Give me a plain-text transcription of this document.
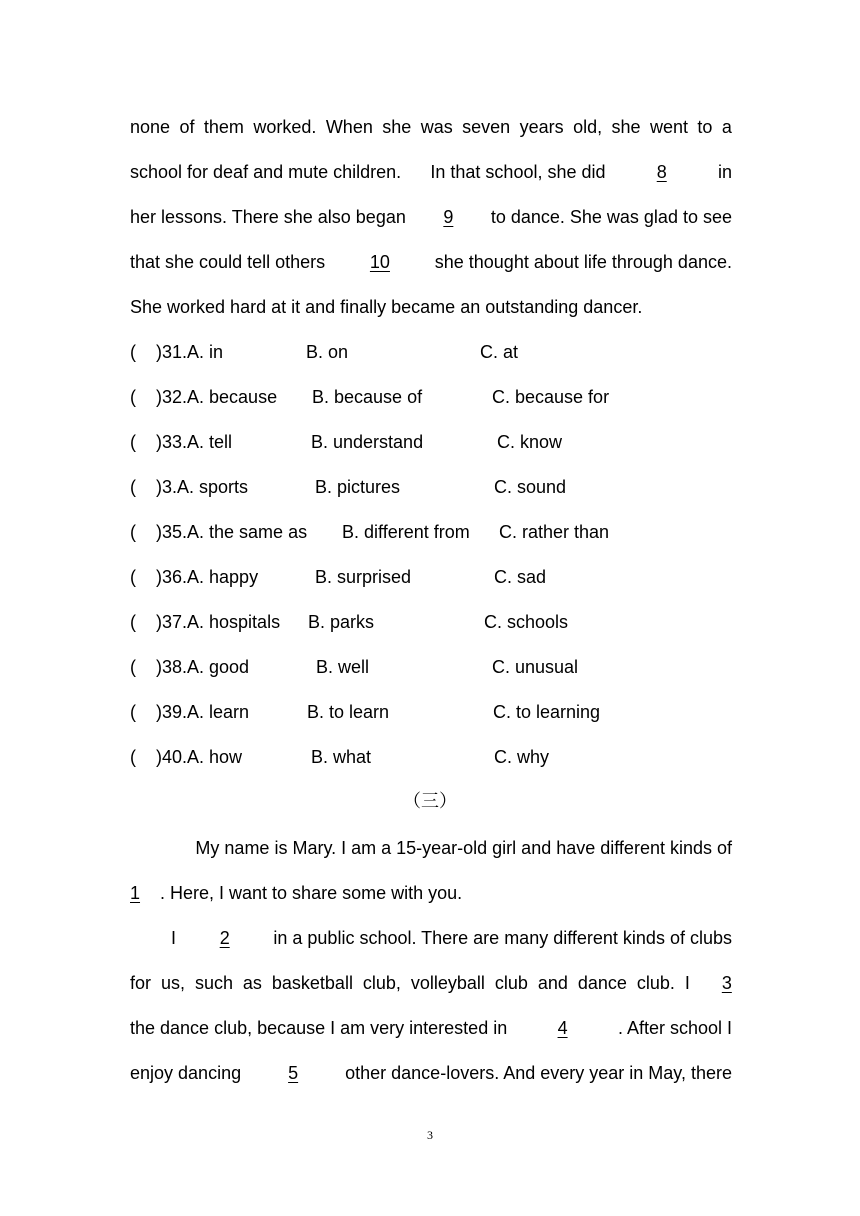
none of them worked. When she was seven years old, she went to a
school for deaf and mute children. In that school, she did	8	in
her lessons. There she also began	9	to dance. She was glad to see
that she could tell others	10	she thought about life through dance.
She worked hard at it and finally became an outstanding dancer.
(    )31.A. in	B. on	C. at
(    )32.A. because B. because of	C. because for
(    )33.A. tell	B. understand	C. know
(    )3.A. sports	B. pictures	C. sound
(    )35.A. the same as B. different from C. rather than
(    )36.A. happy	B. surprised	C. sad
(    )37.A. hospitals B. parks	C. schools
(    )38.A. good	B. well	C. unusual
(    )39.A. learn	B. to learn	C. to learning
(    )40.A. how	B. what	C. why
（三）
My name is Mary. I am a 15-year-old girl and have different kinds of
1 . Here, I want to share some with you.
I	2	in a public school. There are many different kinds of clubs
for us, such as basketball club, volleyball club and dance club. I	3
the dance club, because I am very interested in	4	. After school I
enjoy dancing	5	other dance-lovers. And every year in May, there
3
